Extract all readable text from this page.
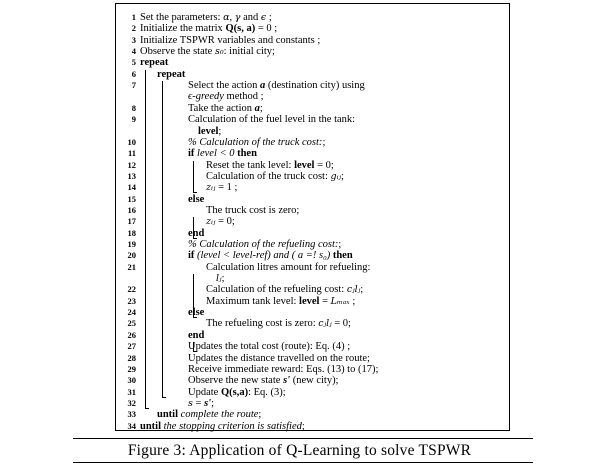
1 Set the parameters: α, γ and ϵ ;
2 Initialize the matrix Q(s, a) = 0 ;
3 Initialize TSPWR variables and constants ;
4 Observe the state s₀: initial city;
5 repeat
6 repeat
7	Select the action a (destination city) using
ϵ-greedy method ;
8	Take the action a;
9	Calculation of the fuel level in the tank:
level;
10	% Calculation of the truck cost:;
11	if level < 0 then
12	Reset the tank level: level = 0;
13	Calculation of the truck cost: gᵢⱼ;
14	zᵢⱼ = 1 ;
15	else
16	The truck cost is zero;
17	zᵢⱼ = 0;
18	end
19	% Calculation of the refueling cost:;
20	if (level < level-ref) and ( a =! s₀) then
21	Calculation litres amount for refueling:
lⱼ;
22	Calculation of the refueling cost: cⱼlⱼ;
23	Maximum tank level: level = Lₘₐₓ ;
24	else
25	The refueling cost is zero: cⱼlⱼ = 0;
26	end
27	Updates the total cost (route): Eq. (4) ;
28	Updates the distance travelled on the route;
29	Receive immediate reward: Eqs. (13) to (17);
30	Observe the new state s' (new city);
31	Update Q(s,a): Eq. (3);
32	s = s';
33 until complete the route;
34 until the stopping criterion is satisfied;
Figure 3: Application of Q-Learning to solve TSPWR
